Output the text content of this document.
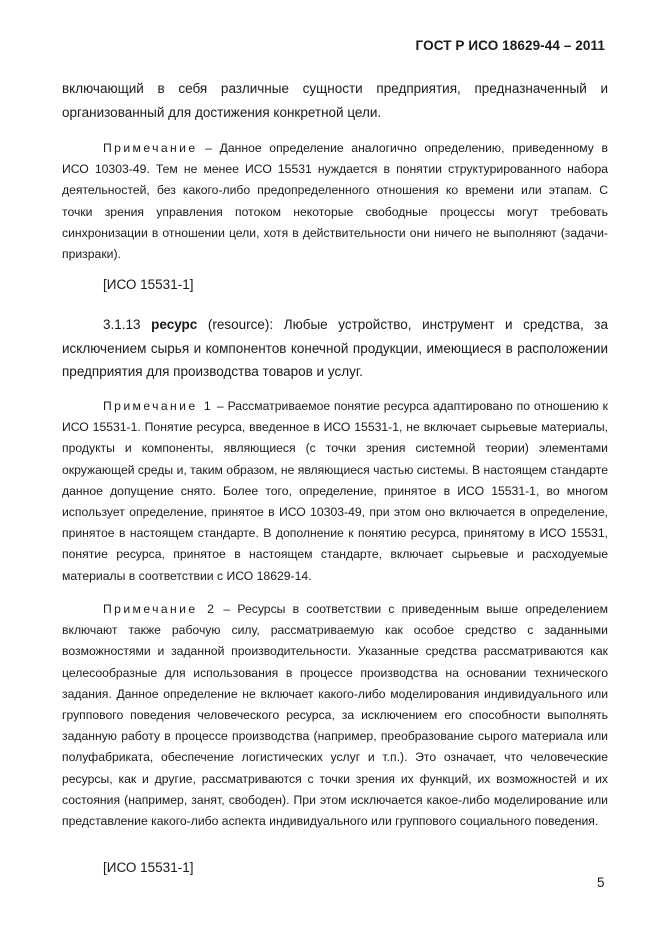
ГОСТ Р ИСО 18629-44 – 2011

включающий в себя различные сущности предприятия, предназначенный и организованный для достижения конкретной цели.

Примечание – Данное определение аналогично определению, приведенному в ИСО 10303-49. Тем не менее ИСО 15531 нуждается в понятии структурированного набора деятельностей, без какого-либо предопределенного отношения ко времени или этапам. С точки зрения управления потоком некоторые свободные процессы могут требовать синхронизации в отношении цели, хотя в действительности они ничего не выполняют (задачи-призраки).

[ИСО 15531-1]

3.1.13 ресурс (resource): Любые устройство, инструмент и средства, за исключением сырья и компонентов конечной продукции, имеющиеся в расположении предприятия для производства товаров и услуг.

Примечание 1 – Рассматриваемое понятие ресурса адаптировано по отношению к ИСО 15531-1. Понятие ресурса, введенное в ИСО 15531-1, не включает сырьевые материалы, продукты и компоненты, являющиеся (с точки зрения системной теории) элементами окружающей среды и, таким образом, не являющиеся частью системы. В настоящем стандарте данное допущение снято. Более того, определение, принятое в ИСО 15531-1, во многом использует определение, принятое в ИСО 10303-49, при этом оно включается в определение, принятое в настоящем стандарте. В дополнение к понятию ресурса, принятому в ИСО 15531, понятие ресурса, принятое в настоящем стандарте, включает сырьевые и расходуемые материалы в соответствии с ИСО 18629-14.

Примечание 2 – Ресурсы в соответствии с приведенным выше определением включают также рабочую силу, рассматриваемую как особое средство с заданными возможностями и заданной производительности. Указанные средства рассматриваются как целесообразные для использования в процессе производства на основании технического задания. Данное определение не включает какого-либо моделирования индивидуального или группового поведения человеческого ресурса, за исключением его способности выполнять заданную работу в процессе производства (например, преобразование сырого материала или полуфабриката, обеспечение логистических услуг и т.п.). Это означает, что человеческие ресурсы, как и другие, рассматриваются с точки зрения их функций, их возможностей и их состояния (например, занят, свободен). При этом исключается какое-либо моделирование или представление какого-либо аспекта индивидуального или группового социального поведения.

[ИСО 15531-1]
5
